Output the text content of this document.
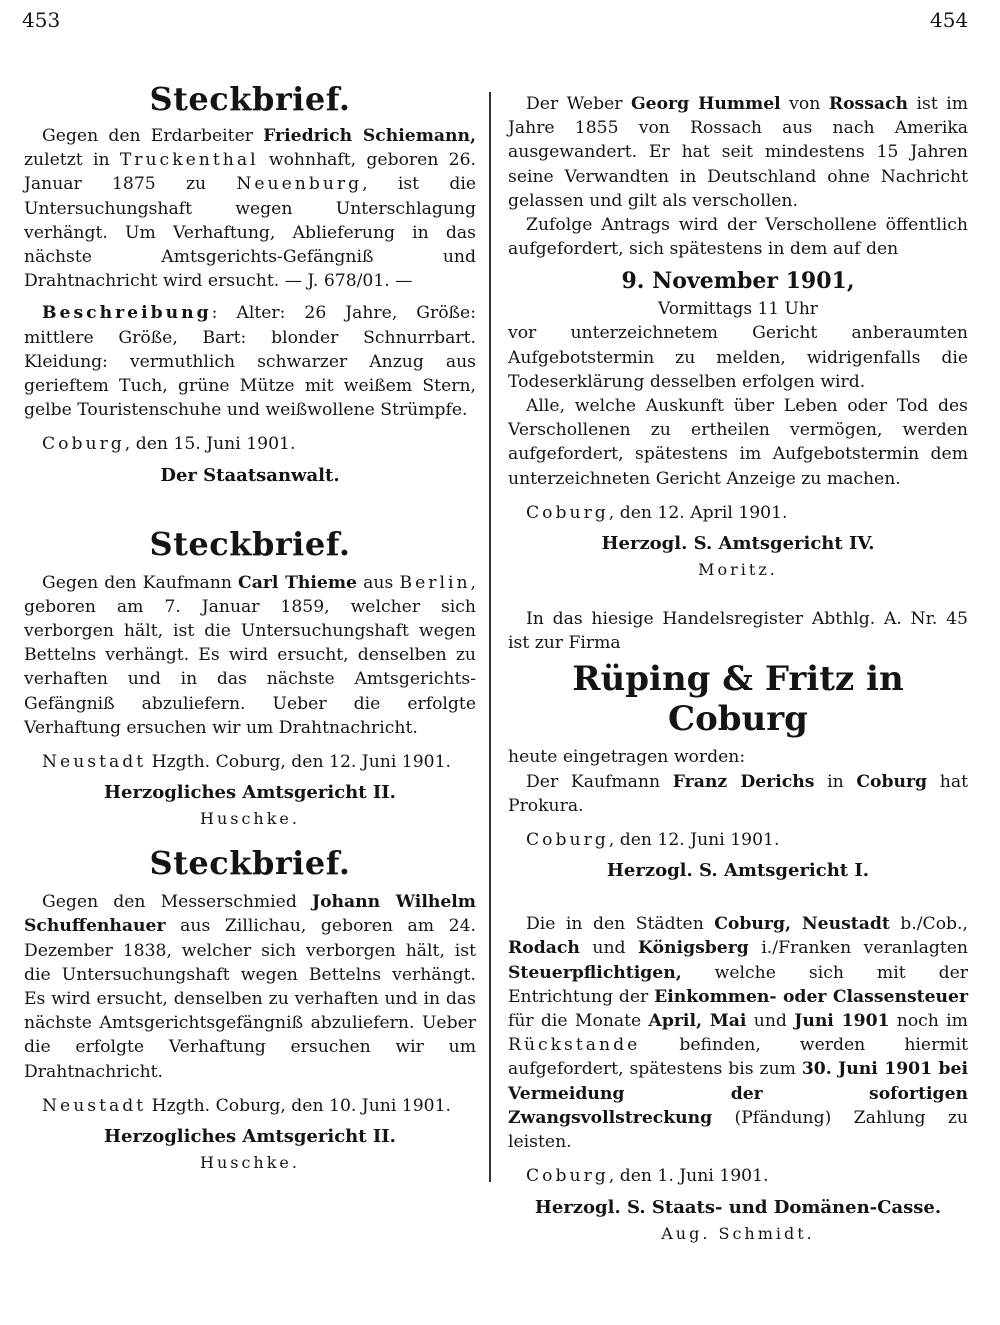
453	454
Steckbrief.

Gegen den Erdarbeiter Friedrich Schiemann, zuletzt in Truckenthal wohnhaft, geboren 26. Januar 1875 zu Neuenburg, ist die Untersuchungshaft wegen Unterschlagung verhängt. Um Verhaftung, Ablieferung in das nächste Amtsgerichts-Gefängniß und Drahtnachricht wird ersucht. — J. 678/01. —

Beschreibung: Alter: 26 Jahre, Größe: mittlere Größe, Bart: blonder Schnurrbart. Kleidung: vermuthlich schwarzer Anzug aus gerieftem Tuch, grüne Mütze mit weißem Stern, gelbe Touristenschuhe und weißwollene Strümpfe.

Coburg, den 15. Juni 1901.

Der Staatsanwalt.
Steckbrief.

Gegen den Kaufmann Carl Thieme aus Berlin, geboren am 7. Januar 1859, welcher sich verborgen hält, ist die Untersuchungshaft wegen Bettelns verhängt. Es wird ersucht, denselben zu verhaften und in das nächste Amtsgerichts-Gefängniß abzuliefern. Ueber die erfolgte Verhaftung ersuchen wir um Drahtnachricht.

Neustadt Hzgth. Coburg, den 12. Juni 1901.

Herzogliches Amtsgericht II.
Huschke.
Steckbrief.

Gegen den Messerschmied Johann Wilhelm Schuffenhauer aus Zillichau, geboren am 24. Dezember 1838, welcher sich verborgen hält, ist die Untersuchungshaft wegen Bettelns verhängt. Es wird ersucht, denselben zu verhaften und in das nächste Amtsgerichtsgefängniß abzuliefern. Ueber die erfolgte Verhaftung ersuchen wir um Drahtnachricht.

Neustadt Hzgth. Coburg, den 10. Juni 1901.

Herzogliches Amtsgericht II.
Huschke.

Der Weber Georg Hummel von Rossach ist im Jahre 1855 von Rossach aus nach Amerika ausgewandert. Er hat seit mindestens 15 Jahren seine Verwandten in Deutschland ohne Nachricht gelassen und gilt als verschollen.

Zufolge Antrags wird der Verschollene öffentlich aufgefordert, sich spätestens in dem auf den

9. November 1901,
Vormittags 11 Uhr

vor unterzeichnetem Gericht anberaumten Aufgebotstermin zu melden, widrigenfalls die Todeserklärung desselben erfolgen wird.

Alle, welche Auskunft über Leben oder Tod des Verschollenen zu ertheilen vermögen, werden aufgefordert, spätestens im Aufgebotstermin dem unterzeichneten Gericht Anzeige zu machen.

Coburg, den 12. April 1901.

Herzogl. S. Amtsgericht IV.
Moritz.

In das hiesige Handelsregister Abthlg. A. Nr. 45 ist zur Firma

Rüping & Fritz in Coburg

heute eingetragen worden:

Der Kaufmann Franz Derichs in Coburg hat Prokura.

Coburg, den 12. Juni 1901.

Herzogl. S. Amtsgericht I.

Die in den Städten Coburg, Neustadt b./Cob., Rodach und Königsberg i./Franken veranlagten Steuerpflichtigen, welche sich mit der Entrichtung der Einkommen- oder Classensteuer für die Monate April, Mai und Juni 1901 noch im Rückstande befinden, werden hiermit aufgefordert, spätestens bis zum 30. Juni 1901 bei Vermeidung der sofortigen Zwangsvollstreckung (Pfändung) Zahlung zu leisten.

Coburg, den 1. Juni 1901.

Herzogl. S. Staats- und Domänen-Casse.
Aug. Schmidt.
